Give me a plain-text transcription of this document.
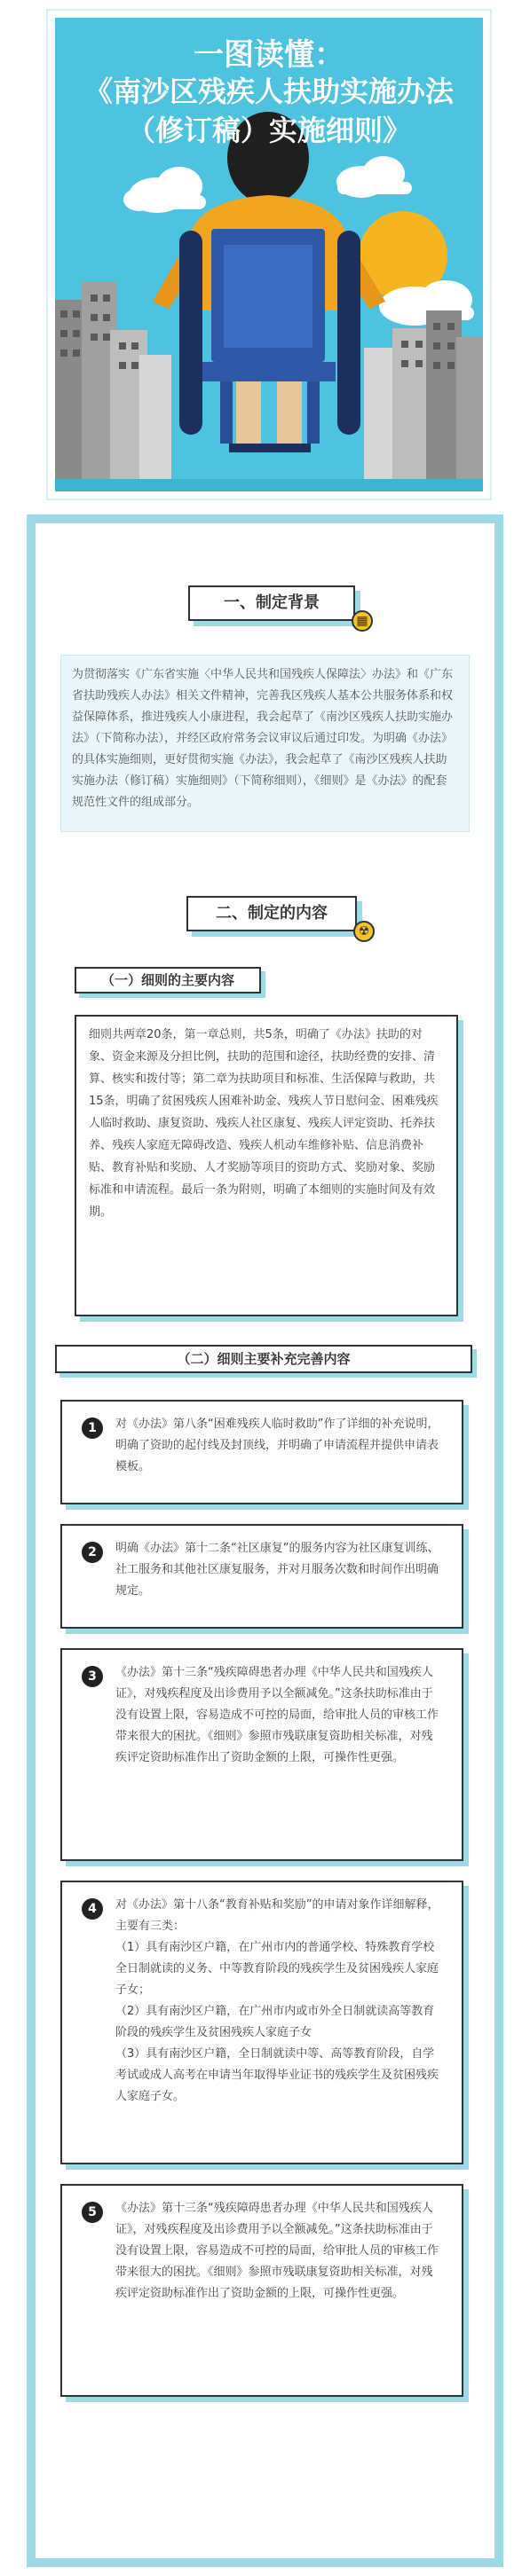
一图读懂：
《南沙区残疾人扶助实施办法
（修订稿）实施细则》
一、制定背景
▦
为贯彻落实《广东省实施〈中华人民共和国残疾人保障法〉办法》和《广东省扶助残疾人办法》相关文件精神，完善我区残疾人基本公共服务体系和权益保障体系，推进残疾人小康进程，我会起草了《南沙区残疾人扶助实施办法》（下简称办法），并经区政府常务会议审议后通过印发。为明确《办法》的具体实施细则，更好贯彻实施《办法》，我会起草了《南沙区残疾人扶助实施办法（修订稿）实施细则》（下简称细则），《细则》是《办法》的配套规范性文件的组成部分。
二、制定的内容
☢
（一）细则的主要内容
细则共两章20条，第一章总则，共5条，明确了《办法》扶助的对象、资金来源及分担比例，扶助的范围和途径，扶助经费的安排、清算、核实和拨付等；第二章为扶助项目和标准、生活保障与救助，共15条，明确了贫困残疾人困难补助金、残疾人节日慰问金、困难残疾人临时救助、康复资助、残疾人社区康复、残疾人评定资助、托养扶养、残疾人家庭无障碍改造、残疾人机动车维修补贴、信息消费补贴、教育补贴和奖励、人才奖励等项目的资助方式、奖励对象、奖励标准和申请流程。最后一条为附则，明确了本细则的实施时间及有效期。
（二）细则主要补充完善内容
1	对《办法》第八条“困难残疾人临时救助”作了详细的补充说明，明确了资助的起付线及封顶线，并明确了申请流程并提供申请表模板。
2	明确《办法》第十二条“社区康复”的服务内容为社区康复训练、社工服务和其他社区康复服务，并对月服务次数和时间作出明确规定。
3	《办法》第十三条“残疾障碍患者办理《中华人民共和国残疾人证》，对残疾程度及出诊费用予以全额减免。”这条扶助标准由于没有设置上限，容易造成不可控的局面，给审批人员的审核工作带来很大的困扰。《细则》参照市残联康复资助相关标准，对残疾评定资助标准作出了资助金额的上限，可操作性更强。
4	对《办法》第十八条“教育补贴和奖励”的申请对象作详细解释，主要有三类：
（1）具有南沙区户籍，在广州市内的普通学校、特殊教育学校全日制就读的义务、中等教育阶段的残疾学生及贫困残疾人家庭子女；
（2）具有南沙区户籍，在广州市内或市外全日制就读高等教育阶段的残疾学生及贫困残疾人家庭子女
（3）具有南沙区户籍，全日制就读中等、高等教育阶段，自学考试或成人高考在申请当年取得毕业证书的残疾学生及贫困残疾人家庭子女。
5	《办法》第十三条“残疾障碍患者办理《中华人民共和国残疾人证》，对残疾程度及出诊费用予以全额减免。”这条扶助标准由于没有设置上限，容易造成不可控的局面，给审批人员的审核工作带来很大的困扰。《细则》参照市残联康复资助相关标准，对残疾评定资助标准作出了资助金额的上限，可操作性更强。
